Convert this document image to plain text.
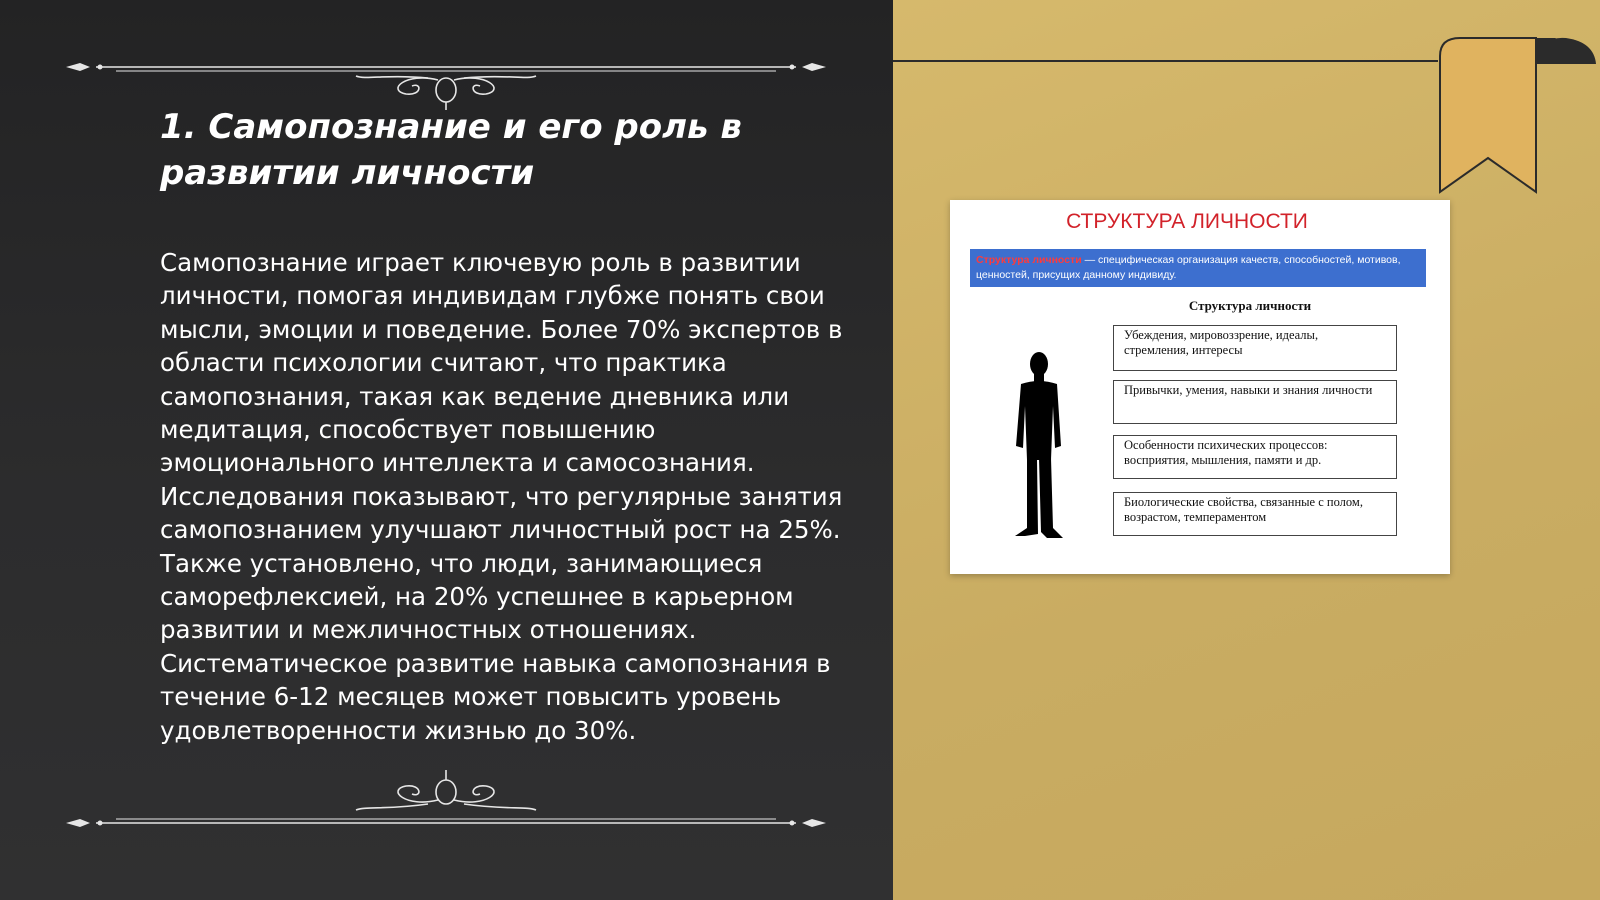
1. Самопознание и его роль в развитии личности

Самопознание играет ключевую роль в развитии личности, помогая индивидам глубже понять свои мысли, эмоции и поведение. Более 70% экспертов в области психологии считают, что практика самопознания, такая как ведение дневника или медитация, способствует повышению эмоционального интеллекта и самосознания. Исследования показывают, что регулярные занятия самопознанием улучшают личностный рост на 25%. Также установлено, что люди, занимающиеся саморефлексией, на 20% успешнее в карьерном развитии и межличностных отношениях. Систематическое развитие навыка самопознания в течение 6-12 месяцев может повысить уровень удовлетворенности жизнью до 30%.

СТРУКТУРА ЛИЧНОСТИ
Структура личности — специфическая организация качеств, способностей, мотивов, ценностей, присущих данному индивиду.
Структура личности
Убеждения, мировоззрение, идеалы, стремления, интересы
Привычки, умения, навыки и знания личности
Особенности психических процессов: восприятия, мышления, памяти и др.
Биологические свойства, связанные с полом, возрастом, темпераментом
